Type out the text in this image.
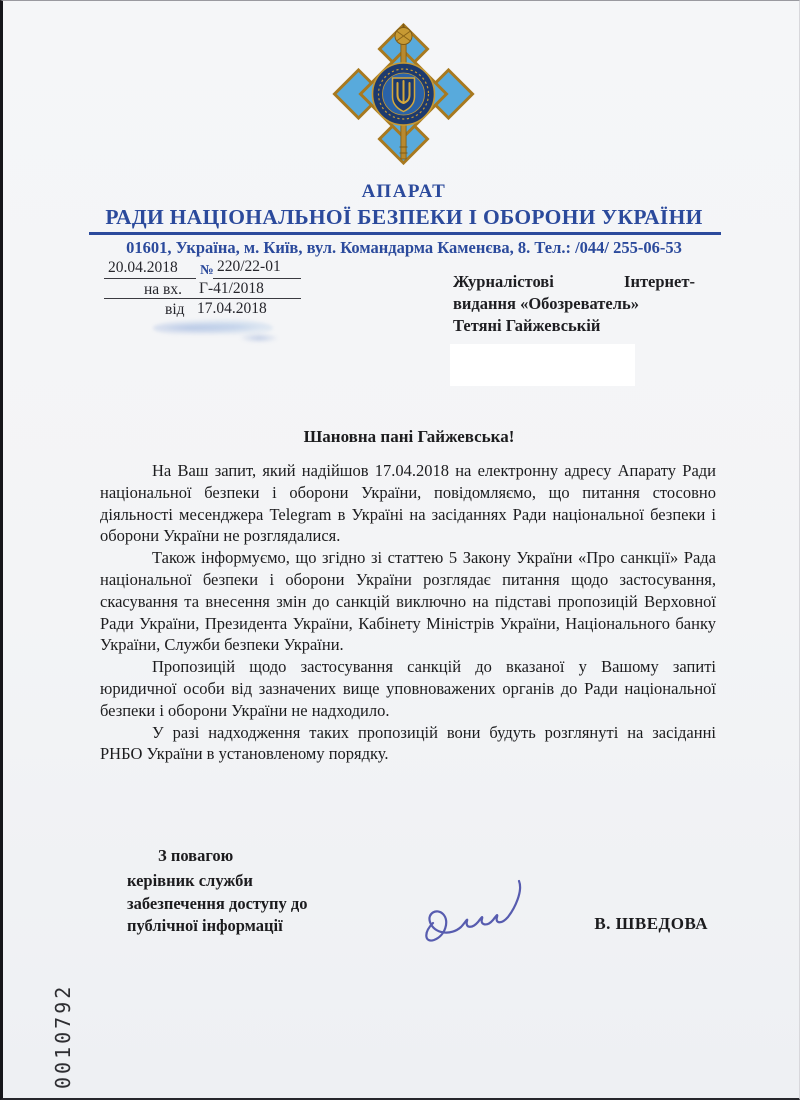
АПАРАТ
РАДИ НАЦІОНАЛЬНОЇ БЕЗПЕКИ І ОБОРОНИ УКРАЇНИ
01601, Україна, м. Київ, вул. Командарма Каменєва, 8. Тел.: /044/ 255-06-53
20.04.2018 № 220/22-01
на вх. Г-41/2018
від 17.04.2018
Журналістові Інтернет-
видання «Обозреватель»
Тетяні Гайжевській
Шановна пані Гайжевська!

На Ваш запит, який надійшов 17.04.2018 на електронну адресу Апарату Ради національної безпеки і оборони України, повідомляємо, що питання стосовно діяльності месенджера Telegram в Україні на засіданнях Ради національної безпеки і оборони України не розглядалися.

Також інформуємо, що згідно зі статтею 5 Закону України «Про санкції» Рада національної безпеки і оборони України розглядає питання щодо застосування, скасування та внесення змін до санкцій виключно на підставі пропозицій Верховної Ради України, Президента України, Кабінету Міністрів України, Національного банку України, Служби безпеки України.

Пропозицій щодо застосування санкцій до вказаної у Вашому запиті юридичної особи від зазначених вище уповноважених органів до Ради національної безпеки і оборони України не надходило.

У разі надходження таких пропозицій вони будуть розглянуті на засіданні РНБО України в установленому порядку.

З повагою
керівник служби
забезпечення доступу до
публічної інформації	В. ШВЕДОВА
0010792
